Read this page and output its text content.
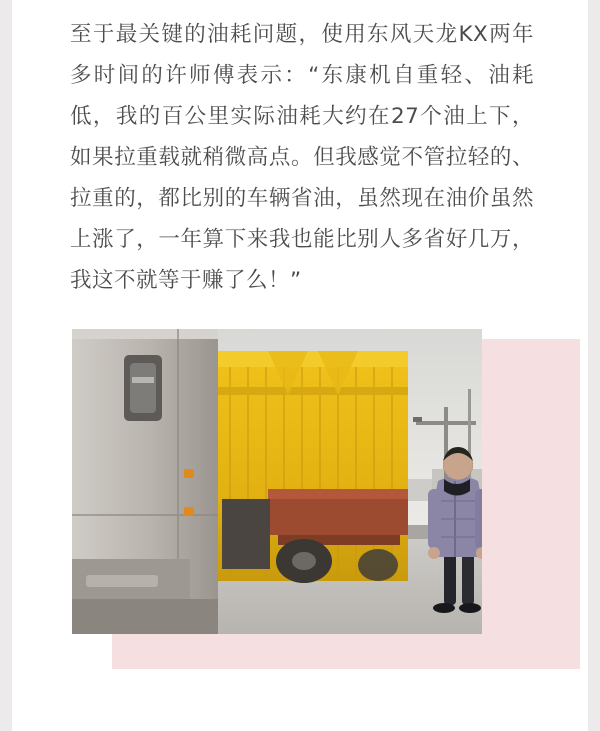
至于最关键的油耗问题，使用东风天龙KX两年多时间的许师傅表示：“东康机自重轻、油耗低，我的百公里实际油耗大约在27个油上下，如果拉重载就稍微高点。但我感觉不管拉轻的、拉重的，都比别的车辆省油，虽然现在油价虽然上涨了，一年算下来我也能比别人多省好几万，我这不就等于赚了么！”
